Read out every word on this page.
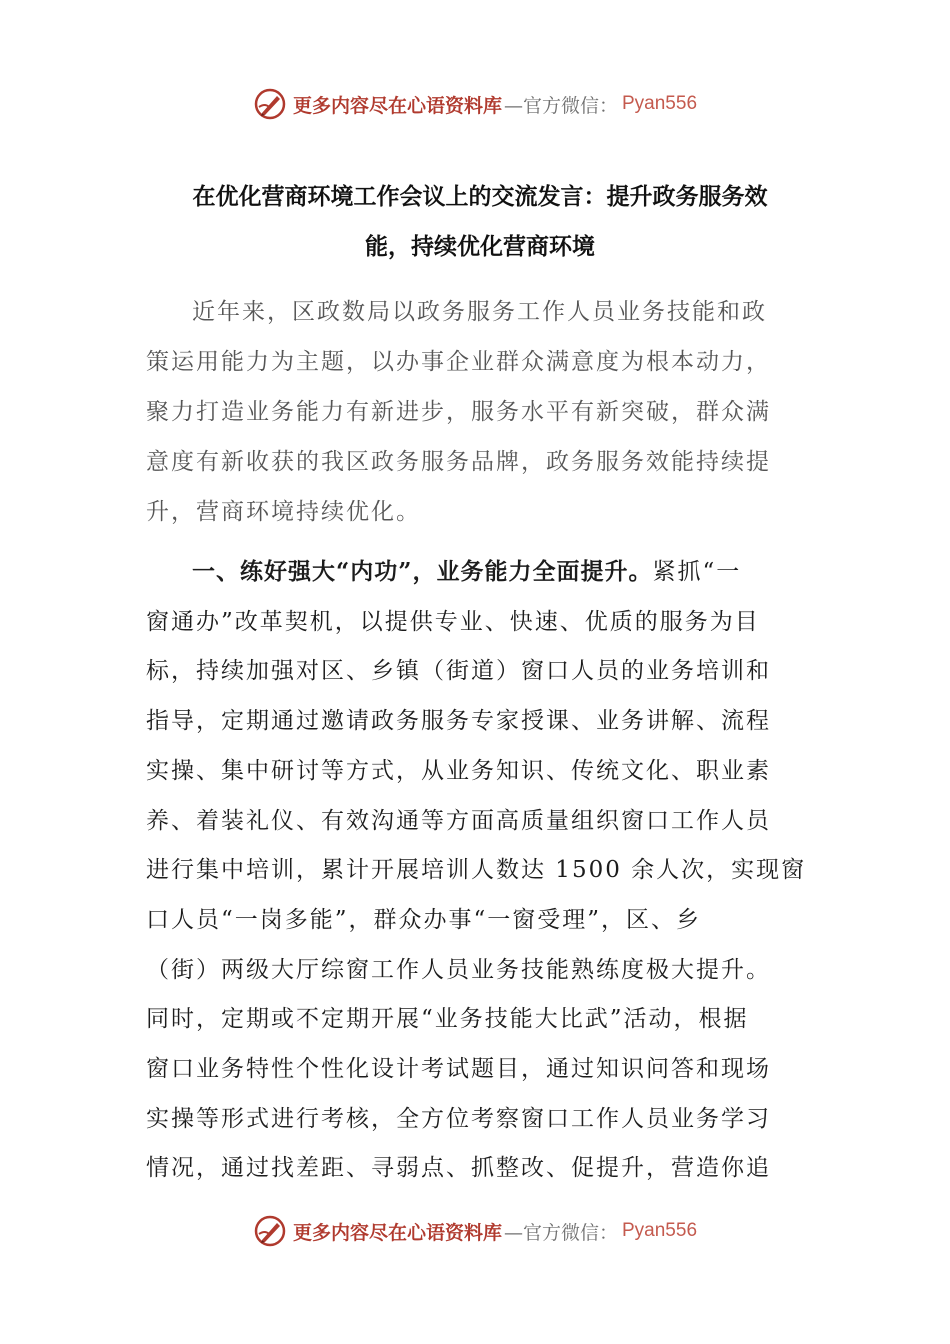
更多内容尽在心语资料库 —官方微信： Pyan556
在优化营商环境工作会议上的交流发言：提升政务服务效
能，持续优化营商环境
近年来，区政数局以政务服务工作人员业务技能和政
策运用能力为主题，以办事企业群众满意度为根本动力，
聚力打造业务能力有新进步，服务水平有新突破，群众满
意度有新收获的我区政务服务品牌，政务服务效能持续提
升，营商环境持续优化。
一、练好强大“内功”，业务能力全面提升。紧抓“一
窗通办”改革契机，以提供专业、快速、优质的服务为目
标，持续加强对区、乡镇（街道）窗口人员的业务培训和
指导，定期通过邀请政务服务专家授课、业务讲解、流程
实操、集中研讨等方式，从业务知识、传统文化、职业素
养、着装礼仪、有效沟通等方面高质量组织窗口工作人员
进行集中培训，累计开展培训人数达 1500 余人次，实现窗
口人员“一岗多能”，群众办事“一窗受理”，区、乡
（街）两级大厅综窗工作人员业务技能熟练度极大提升。
同时，定期或不定期开展“业务技能大比武”活动，根据
窗口业务特性个性化设计考试题目，通过知识问答和现场
实操等形式进行考核，全方位考察窗口工作人员业务学习
情况，通过找差距、寻弱点、抓整改、促提升，营造你追
更多内容尽在心语资料库 —官方微信： Pyan556
